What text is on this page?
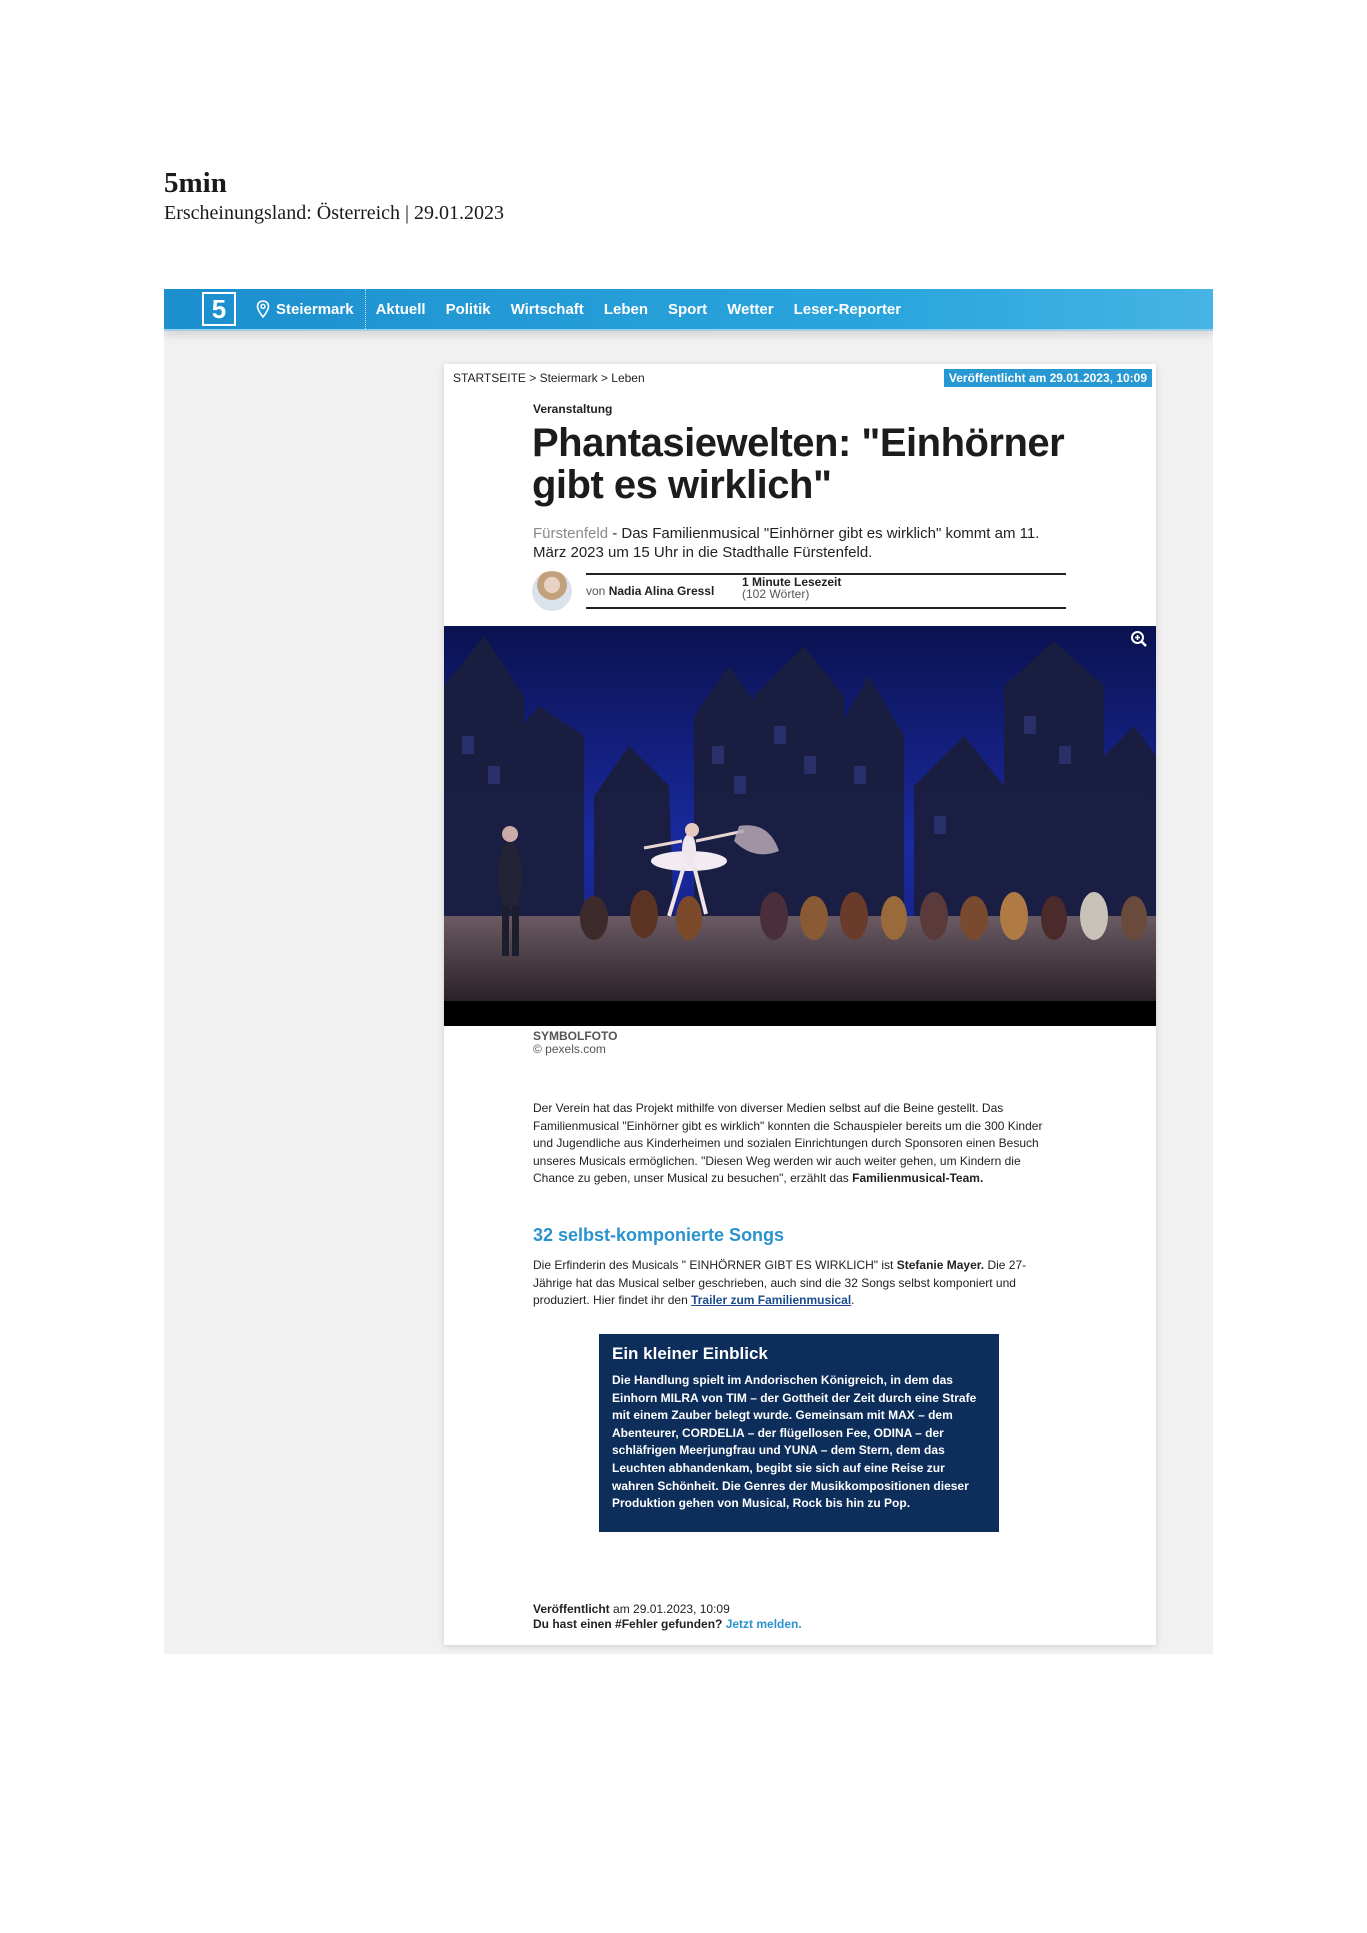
5min

Erscheinungsland: Österreich | 29.01.2023

5	Steiermark Aktuell Politik Wirtschaft Leben Sport Wetter Leser-Reporter
STARTSEITE > Steiermark > Leben	Veröffentlicht am 29.01.2023, 10:09
Veranstaltung
Phantasiewelten: "Einhörner gibt es wirklich"

Fürstenfeld - Das Familienmusical "Einhörner gibt es wirklich" kommt am 11. März 2023 um 15 Uhr in die Stadthalle Fürstenfeld.

von Nadia Alina Gressl
1 Minute Lesezeit
(102 Wörter)
SYMBOLFOTO
© pexels.com

Der Verein hat das Projekt mithilfe von diverser Medien selbst auf die Beine gestellt. Das Familienmusical "Einhörner gibt es wirklich" konnten die Schauspieler bereits um die 300 Kinder und Jugendliche aus Kinderheimen und sozialen Einrichtungen durch Sponsoren einen Besuch unseres Musicals ermöglichen. "Diesen Weg werden wir auch weiter gehen, um Kindern die Chance zu geben, unser Musical zu besuchen", erzählt das Familienmusical-Team.

32 selbst-komponierte Songs

Die Erfinderin des Musicals " EINHÖRNER GIBT ES WIRKLICH" ist Stefanie Mayer. Die 27-Jährige hat das Musical selber geschrieben, auch sind die 32 Songs selbst komponiert und produziert. Hier findet ihr den Trailer zum Familienmusical.

Ein kleiner Einblick

Die Handlung spielt im Andorischen Königreich, in dem das Einhorn MILRA von TIM – der Gottheit der Zeit durch eine Strafe mit einem Zauber belegt wurde. Gemeinsam mit MAX – dem Abenteurer, CORDELIA – der flügellosen Fee, ODINA – der schläfrigen Meerjungfrau und YUNA – dem Stern, dem das Leuchten abhandenkam, begibt sie sich auf eine Reise zur wahren Schönheit. Die Genres der Musikkompositionen dieser Produktion gehen von Musical, Rock bis hin zu Pop.

Veröffentlicht am 29.01.2023, 10:09
Du hast einen #Fehler gefunden? Jetzt melden.
